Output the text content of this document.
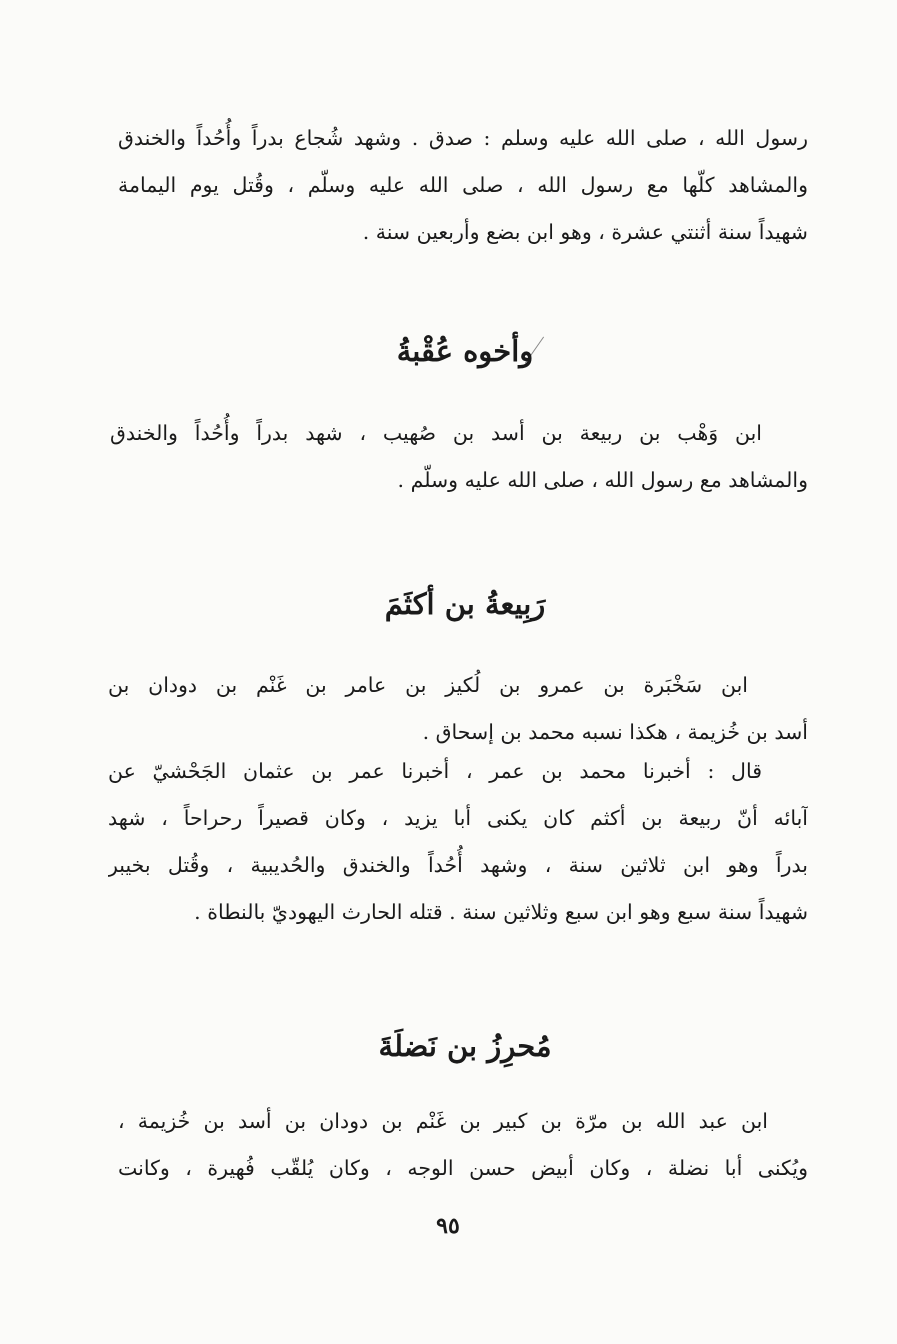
رسول الله ، صلى الله عليه وسلم : صدق . وشهد شُجاع بدراً وأُحُداً والخندق
والمشاهد كلّها مع رسول الله ، صلى الله عليه وسلّم ، وقُتل يوم اليمامة
شهيداً سنة أثنتي عشرة ، وهو ابن بضع وأربعين سنة .
وأخوه عُقْبةُ
ابن وَهْب بن ربيعة بن أسد بن صُهيب ، شهد بدراً وأُحُداً والخندق
والمشاهد مع رسول الله ، صلى الله عليه وسلّم .
رَبِيعةُ بن أكثَمَ
ابن سَخْبَرة بن عمرو بن لُكيز بن عامر بن غَنْم بن دودان بن
أسد بن خُزيمة ، هكذا نسبه محمد بن إسحاق .
قال : أخبرنا محمد بن عمر ، أخبرنا عمر بن عثمان الجَحْشيّ عن
آبائه أنّ ربيعة بن أكثم كان يكنى أبا يزيد ، وكان قصيراً رحراحاً ، شهد
بدراً وهو ابن ثلاثين سنة ، وشهد أُحُداً والخندق والحُديبية ، وقُتل بخيبر
شهيداً سنة سبع وهو ابن سبع وثلاثين سنة . قتله الحارث اليهوديّ بالنطاة .
مُحرِزُ بن نَضلَةَ
ابن عبد الله بن مرّة بن كبير بن غَنْم بن دودان بن أسد بن خُزيمة ،
ويُكنى أبا نضلة ، وكان أبيض حسن الوجه ، وكان يُلقّب فُهيرة ، وكانت
٩٥
